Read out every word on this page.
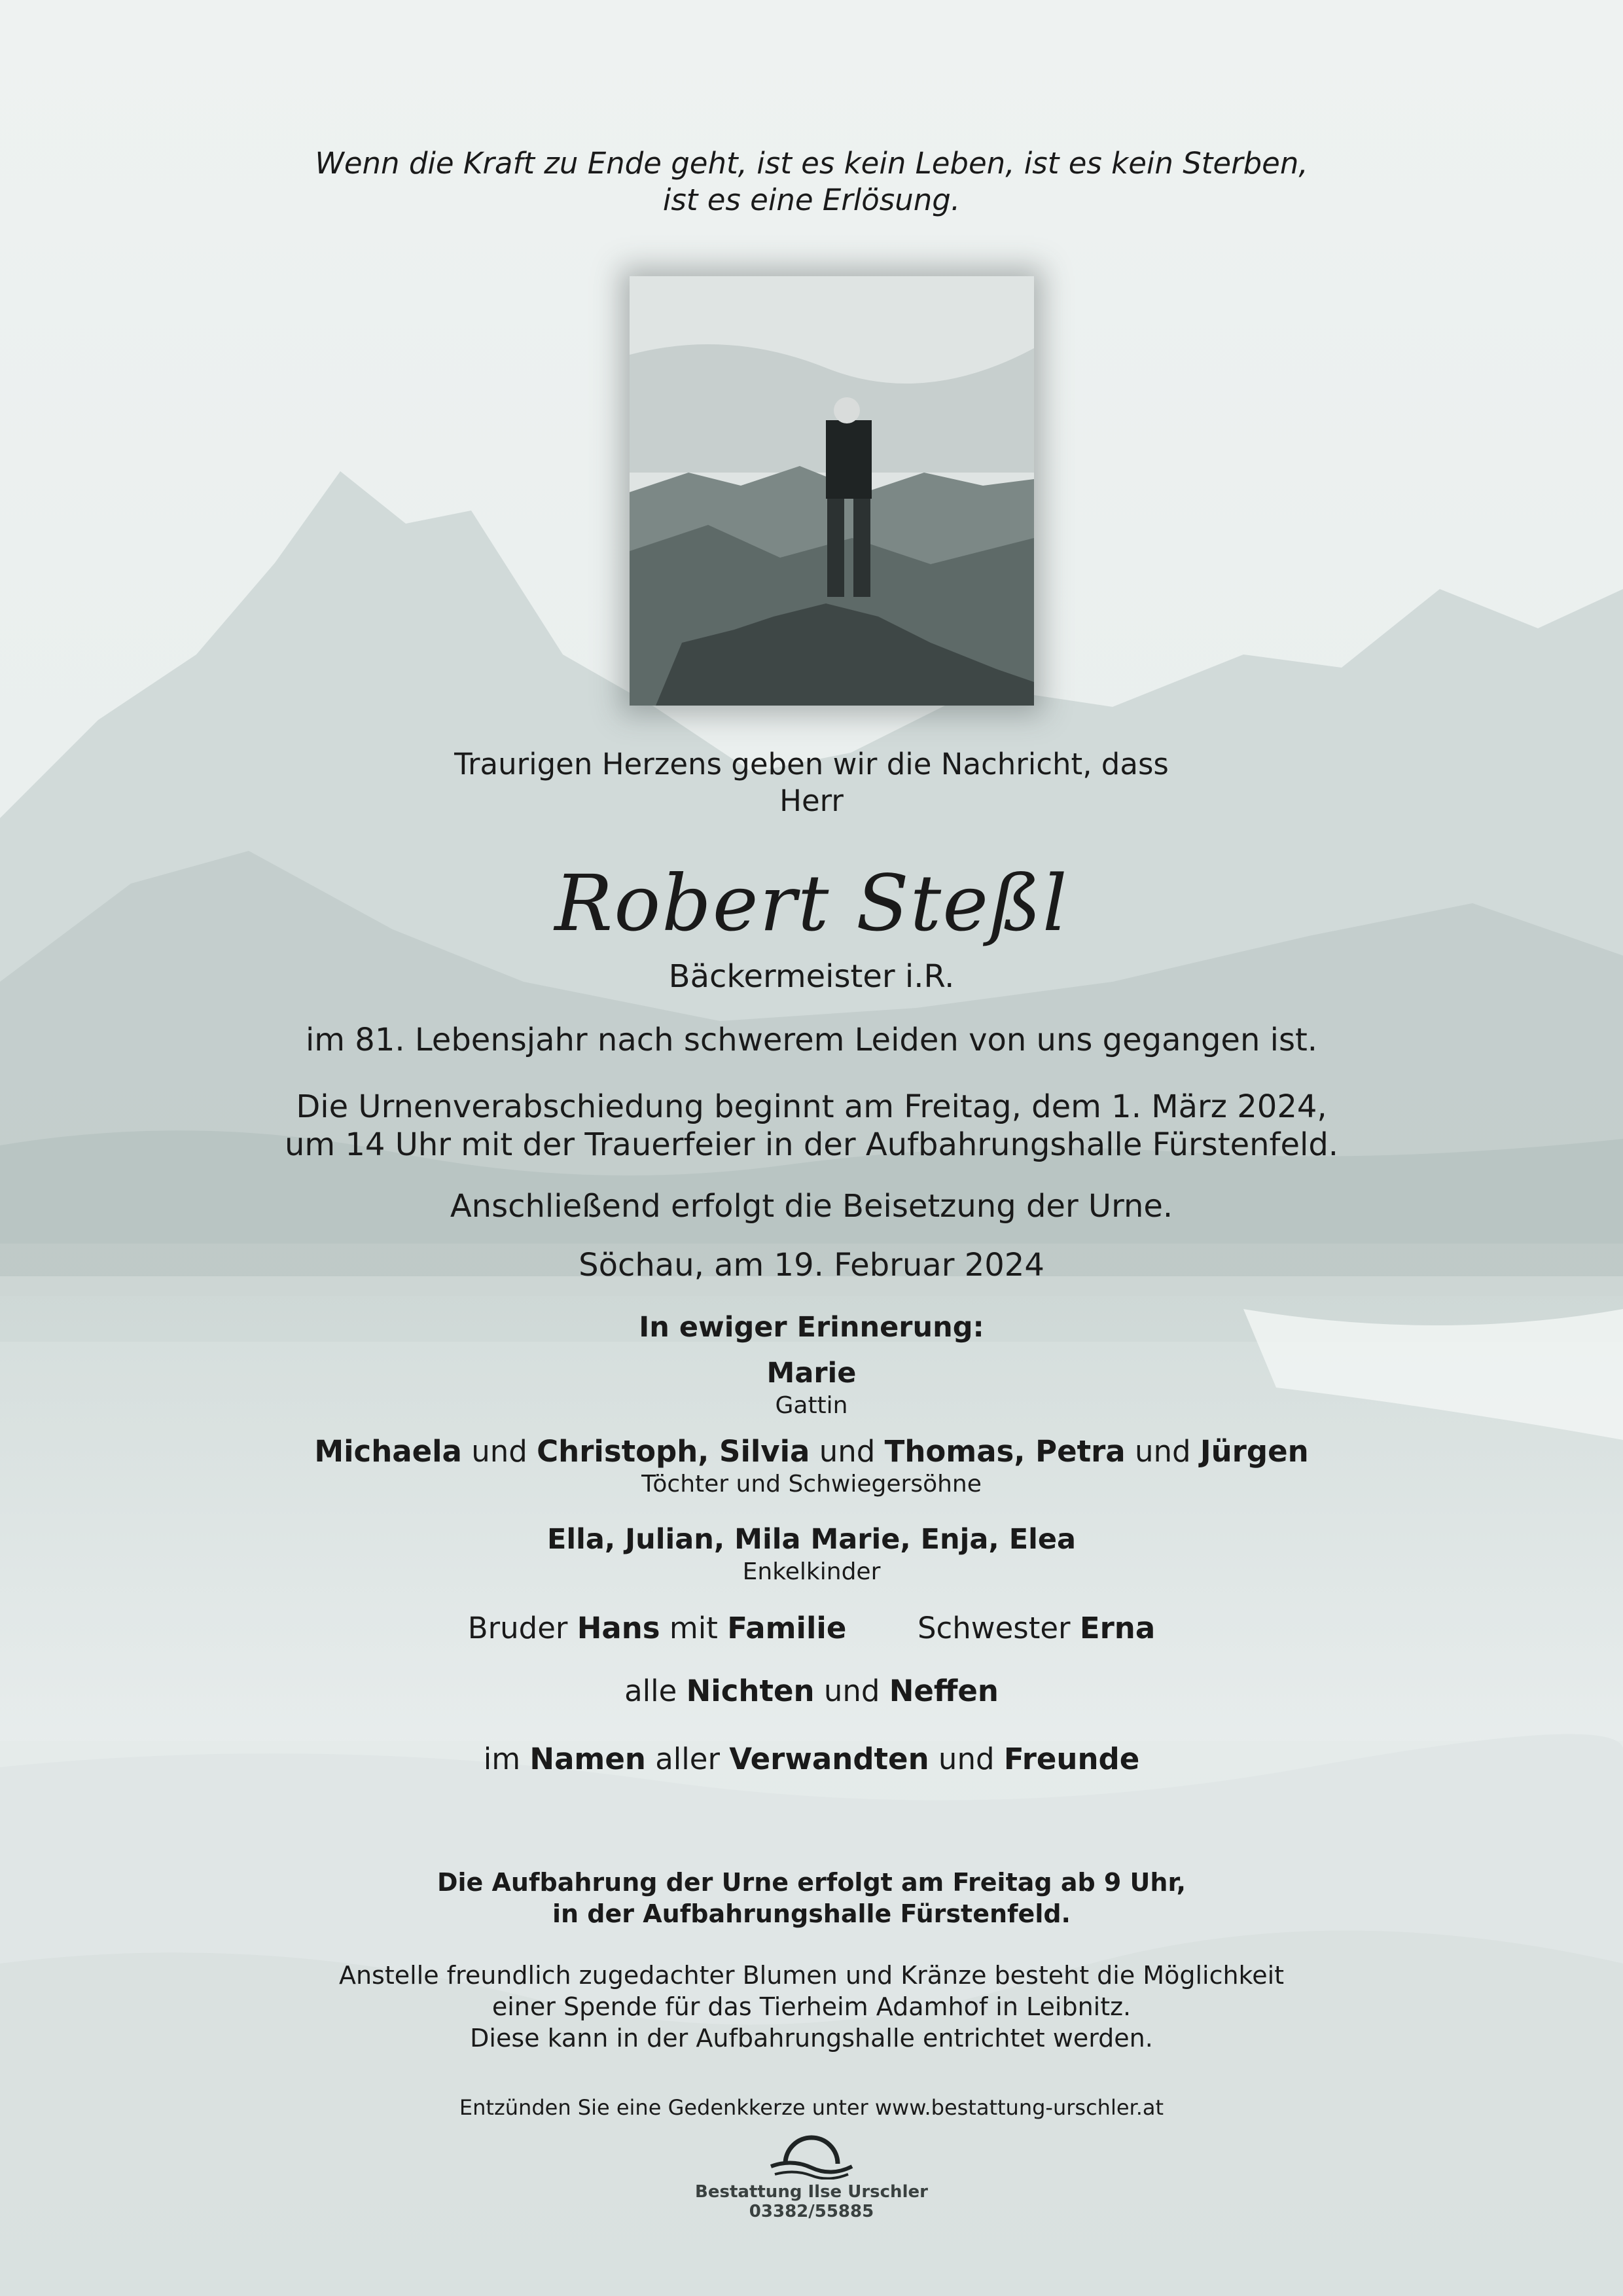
Wenn die Kraft zu Ende geht, ist es kein Leben, ist es kein Sterben,
ist es eine Erlösung.
Traurigen Herzens geben wir die Nachricht, dass
Herr
Robert Steßl
Bäckermeister i.R.
im 81. Lebensjahr nach schwerem Leiden von uns gegangen ist.
Die Urnenverabschiedung beginnt am Freitag, dem 1. März 2024,
um 14 Uhr mit der Trauerfeier in der Aufbahrungshalle Fürstenfeld.
Anschließend erfolgt die Beisetzung der Urne.
Söchau, am 19. Februar 2024
In ewiger Erinnerung:
Marie
Gattin
Michaela und Christoph, Silvia und Thomas, Petra und Jürgen
Töchter und Schwiegersöhne
Ella, Julian, Mila Marie, Enja, Elea
Enkelkinder
Bruder Hans mit Familie Schwester Erna
alle Nichten und Neffen
im Namen aller Verwandten und Freunde
Die Aufbahrung der Urne erfolgt am Freitag ab 9 Uhr,
in der Aufbahrungshalle Fürstenfeld.
Anstelle freundlich zugedachter Blumen und Kränze besteht die Möglichkeit
einer Spende für das Tierheim Adamhof in Leibnitz.
Diese kann in der Aufbahrungshalle entrichtet werden.
Entzünden Sie eine Gedenkkerze unter www.bestattung-urschler.at
Bestattung Ilse Urschler
03382/55885
